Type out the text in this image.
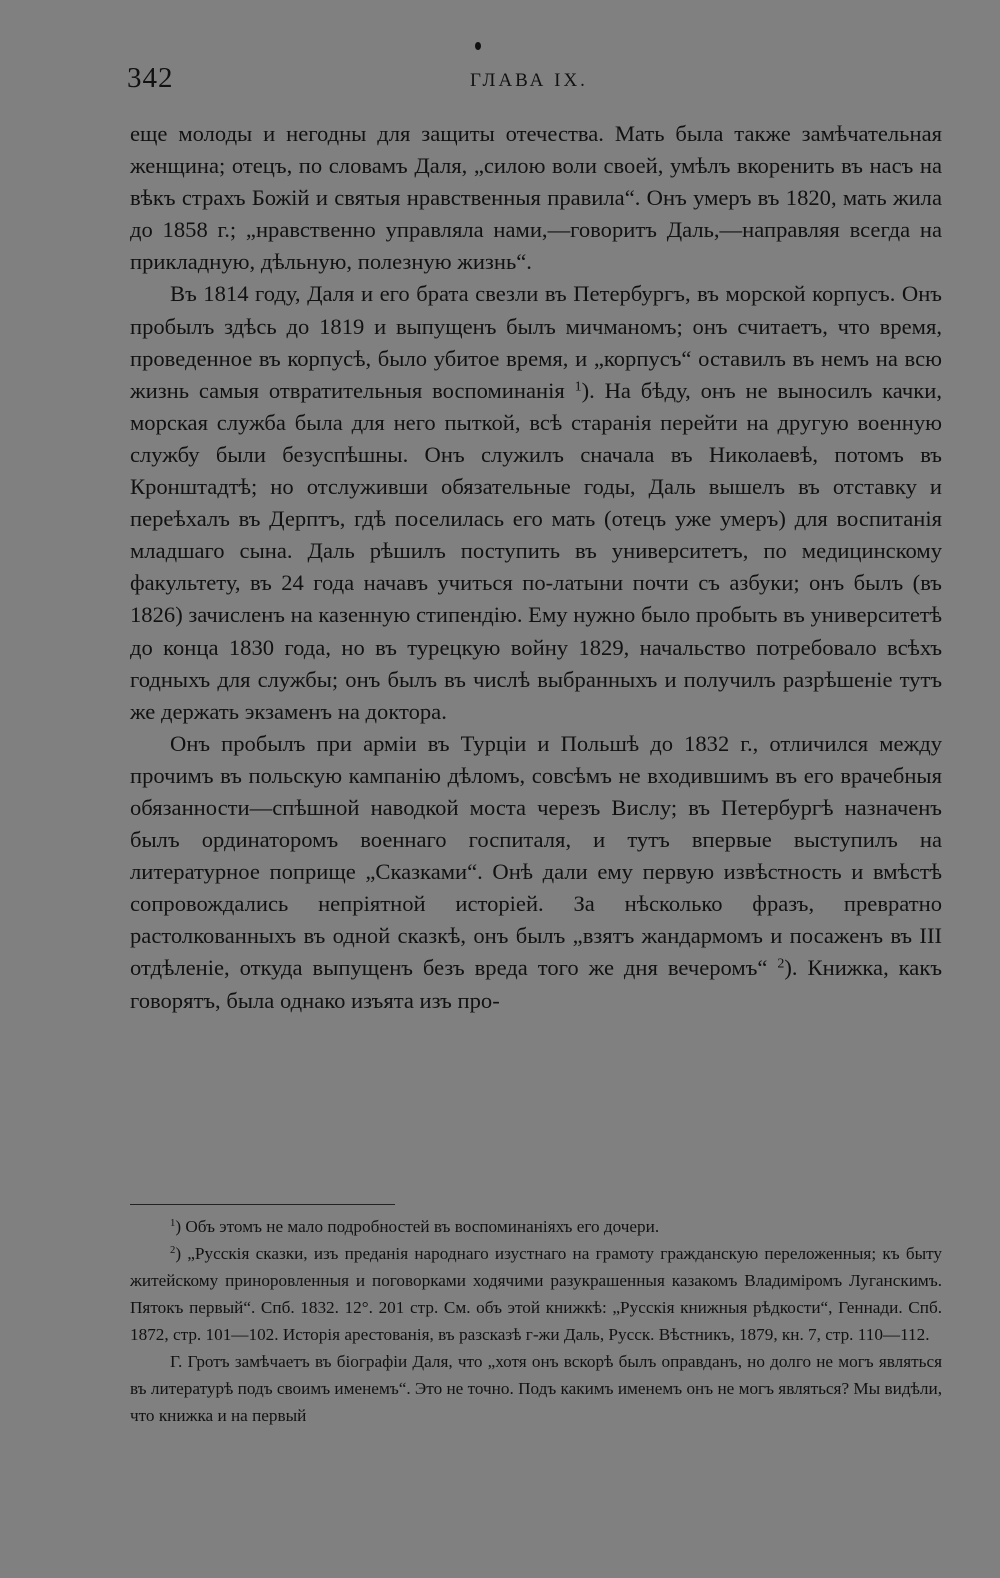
342	ГЛАВА IX.

еще молоды и негодны для защиты отечества. Мать была также замѣчательная женщина; отецъ, по словамъ Даля, „силою воли своей, умѣлъ вкоренить въ насъ на вѣкъ страхъ Божій и святыя нравственныя правила“. Онъ умеръ въ 1820, мать жила до 1858 г.; „нравственно управляла нами,—говоритъ Даль,—направляя всегда на прикладную, дѣльную, полезную жизнь“.

Въ 1814 году, Даля и его брата свезли въ Петербургъ, въ морской корпусъ. Онъ пробылъ здѣсь до 1819 и выпущенъ былъ мичманомъ; онъ считаетъ, что время, проведенное въ корпусѣ, было убитое время, и „корпусъ“ оставилъ въ немъ на всю жизнь самыя отвратительныя воспоминанія $^1$). На бѣду, онъ не выносилъ качки, морская служба была для него пыткой, всѣ старанія перейти на другую военную службу были безуспѣшны. Онъ служилъ сначала въ Николаевѣ, потомъ въ Кронштадтѣ; но отслуживши обязательные годы, Даль вышелъ въ отставку и переѣхалъ въ Дерптъ, гдѣ поселилась его мать (отецъ уже умеръ) для воспитанія младшаго сына. Даль рѣшилъ поступить въ университетъ, по медицинскому факультету, въ 24 года начавъ учиться по-латыни почти съ азбуки; онъ былъ (въ 1826) зачисленъ на казенную стипендію. Ему нужно было пробыть въ университетѣ до конца 1830 года, но въ турецкую войну 1829, начальство потребовало всѣхъ годныхъ для службы; онъ былъ въ числѣ выбранныхъ и получилъ разрѣшеніе тутъ же держать экзаменъ на доктора.

Онъ пробылъ при арміи въ Турціи и Польшѣ до 1832 г., отличился между прочимъ въ польскую кампанію дѣломъ, совсѣмъ не входившимъ въ его врачебныя обязанности—спѣшной наводкой моста черезъ Вислу; въ Петербургѣ назначенъ былъ ординаторомъ военнаго госпиталя, и тутъ впервые выступилъ на литературное поприще „Сказками“. Онѣ дали ему первую извѣстность и вмѣстѣ сопровождались непріятной исторіей. За нѣсколько фразъ, превратно растолкованныхъ въ одной сказкѣ, онъ былъ „взятъ жандармомъ и посаженъ въ III отдѣленіе, откуда выпущенъ безъ вреда того же дня вечеромъ“ $^2$). Книжка, какъ говорятъ, была однако изъята изъ про-

$^1$) Объ этомъ не мало подробностей въ воспоминаніяхъ его дочери.

$^2$) „Русскія сказки, изъ преданія народнаго изустнаго на грамоту гражданскую переложенныя; къ быту житейскому приноровленныя и поговорками ходячими разукрашенныя казакомъ Владиміромъ Луганскимъ. Пятокъ первый“. Спб. 1832. 12°. 201 стр. См. объ этой книжкѣ: „Русскія книжныя рѣдкости“, Геннади. Спб. 1872, стр. 101—102. Исторія арестованія, въ разсказѣ г-жи Даль, Русск. Вѣстникъ, 1879, кн. 7, стр. 110—112.

Г. Гротъ замѣчаетъ въ біографіи Даля, что „хотя онъ вскорѣ былъ оправданъ, но долго не могъ являться въ литературѣ подъ своимъ именемъ“. Это не точно. Подъ какимъ именемъ онъ не могъ являться? Мы видѣли, что книжка и на первый
